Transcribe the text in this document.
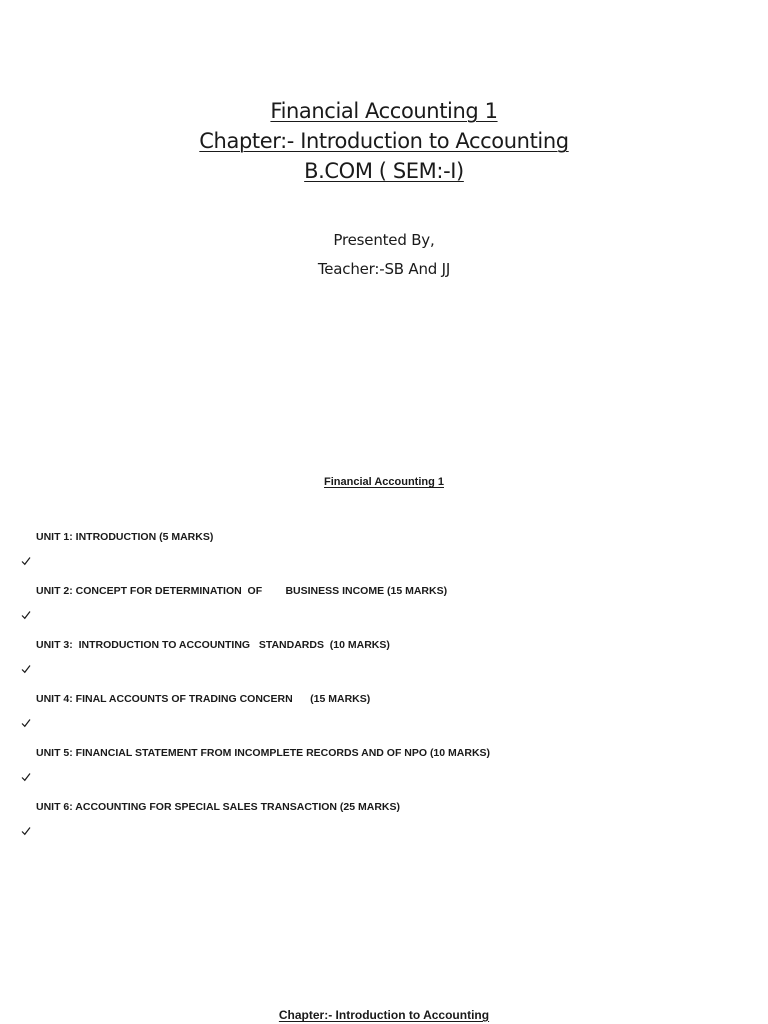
Financial Accounting 1
Chapter:- Introduction to Accounting
B.COM ( SEM:-I)
Presented By,
Teacher:-SB And JJ
Financial Accounting 1

UNIT 1: INTRODUCTION (5 MARKS)

UNIT 2: CONCEPT FOR DETERMINATION  OF        BUSINESS INCOME (15 MARKS)

UNIT 3:  INTRODUCTION TO ACCOUNTING   STANDARDS  (10 MARKS)

UNIT 4: FINAL ACCOUNTS OF TRADING CONCERN      (15 MARKS)

UNIT 5: FINANCIAL STATEMENT FROM INCOMPLETE RECORDS AND OF NPO (10 MARKS)

UNIT 6: ACCOUNTING FOR SPECIAL SALES TRANSACTION (25 MARKS)
Chapter:- Introduction to Accounting
